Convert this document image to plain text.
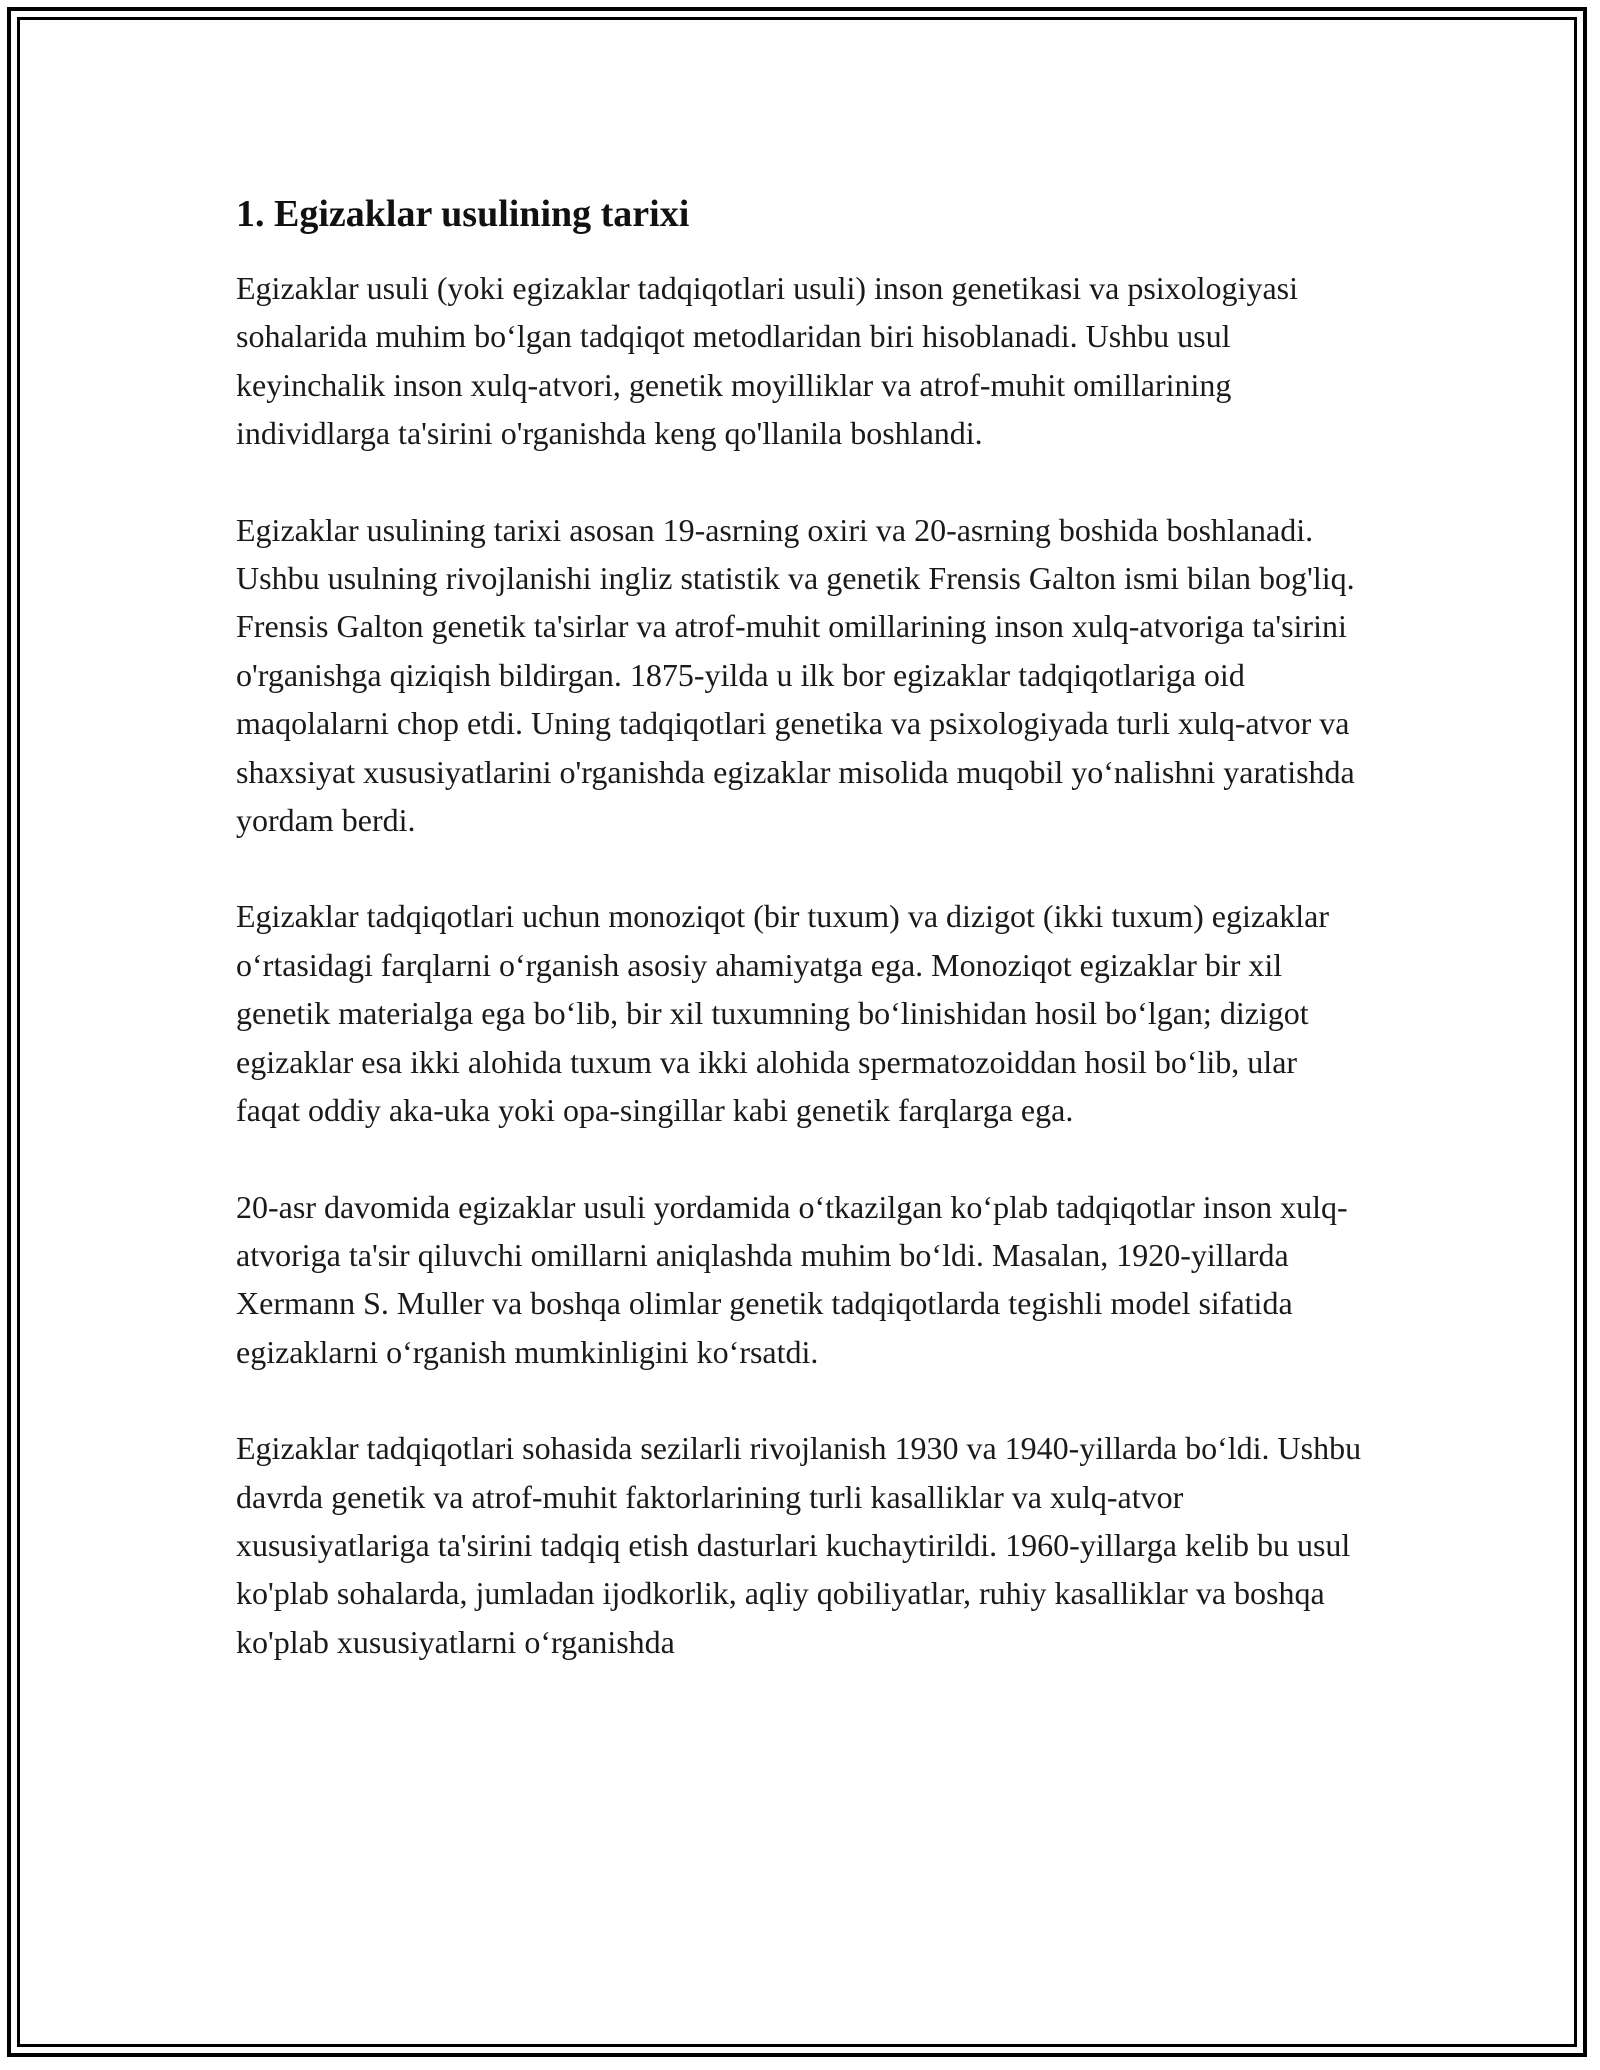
1. Egizaklar usulining tarixi

Egizaklar usuli (yoki egizaklar tadqiqotlari usuli) inson genetikasi va psixologiyasi sohalarida muhim boʻlgan tadqiqot metodlaridan biri hisoblanadi. Ushbu usul keyinchalik inson xulq-atvori, genetik moyilliklar va atrof-muhit omillarining individlarga ta'sirini o'rganishda keng qo'llanila boshlandi.

Egizaklar usulining tarixi asosan 19-asrning oxiri va 20-asrning boshida boshlanadi. Ushbu usulning rivojlanishi ingliz statistik va genetik Frensis Galton ismi bilan bog'liq. Frensis Galton genetik ta'sirlar va atrof-muhit omillarining inson xulq-atvoriga ta'sirini o'rganishga qiziqish bildirgan. 1875-yilda u ilk bor egizaklar tadqiqotlariga oid maqolalarni chop etdi. Uning tadqiqotlari genetika va psixologiyada turli xulq-atvor va shaxsiyat xususiyatlarini o'rganishda egizaklar misolida muqobil yoʻnalishni yaratishda yordam berdi.

Egizaklar tadqiqotlari uchun monoziqot (bir tuxum) va dizigot (ikki tuxum) egizaklar oʻrtasidagi farqlarni oʻrganish asosiy ahamiyatga ega. Monoziqot egizaklar bir xil genetik materialga ega boʻlib, bir xil tuxumning boʻlinishidan hosil boʻlgan; dizigot egizaklar esa ikki alohida tuxum va ikki alohida spermatozoiddan hosil boʻlib, ular faqat oddiy aka-uka yoki opa-singillar kabi genetik farqlarga ega.

20-asr davomida egizaklar usuli yordamida oʻtkazilgan koʻplab tadqiqotlar inson xulq-atvoriga ta'sir qiluvchi omillarni aniqlashda muhim boʻldi. Masalan, 1920-yillarda Xermann S. Muller va boshqa olimlar genetik tadqiqotlarda tegishli model sifatida egizaklarni oʻrganish mumkinligini koʻrsatdi.

Egizaklar tadqiqotlari sohasida sezilarli rivojlanish 1930 va 1940-yillarda boʻldi. Ushbu davrda genetik va atrof-muhit faktorlarining turli kasalliklar va xulq-atvor xususiyatlariga ta'sirini tadqiq etish dasturlari kuchaytirildi. 1960-yillarga kelib bu usul ko'plab sohalarda, jumladan ijodkorlik, aqliy qobiliyatlar, ruhiy kasalliklar va boshqa ko'plab xususiyatlarni oʻrganishda
